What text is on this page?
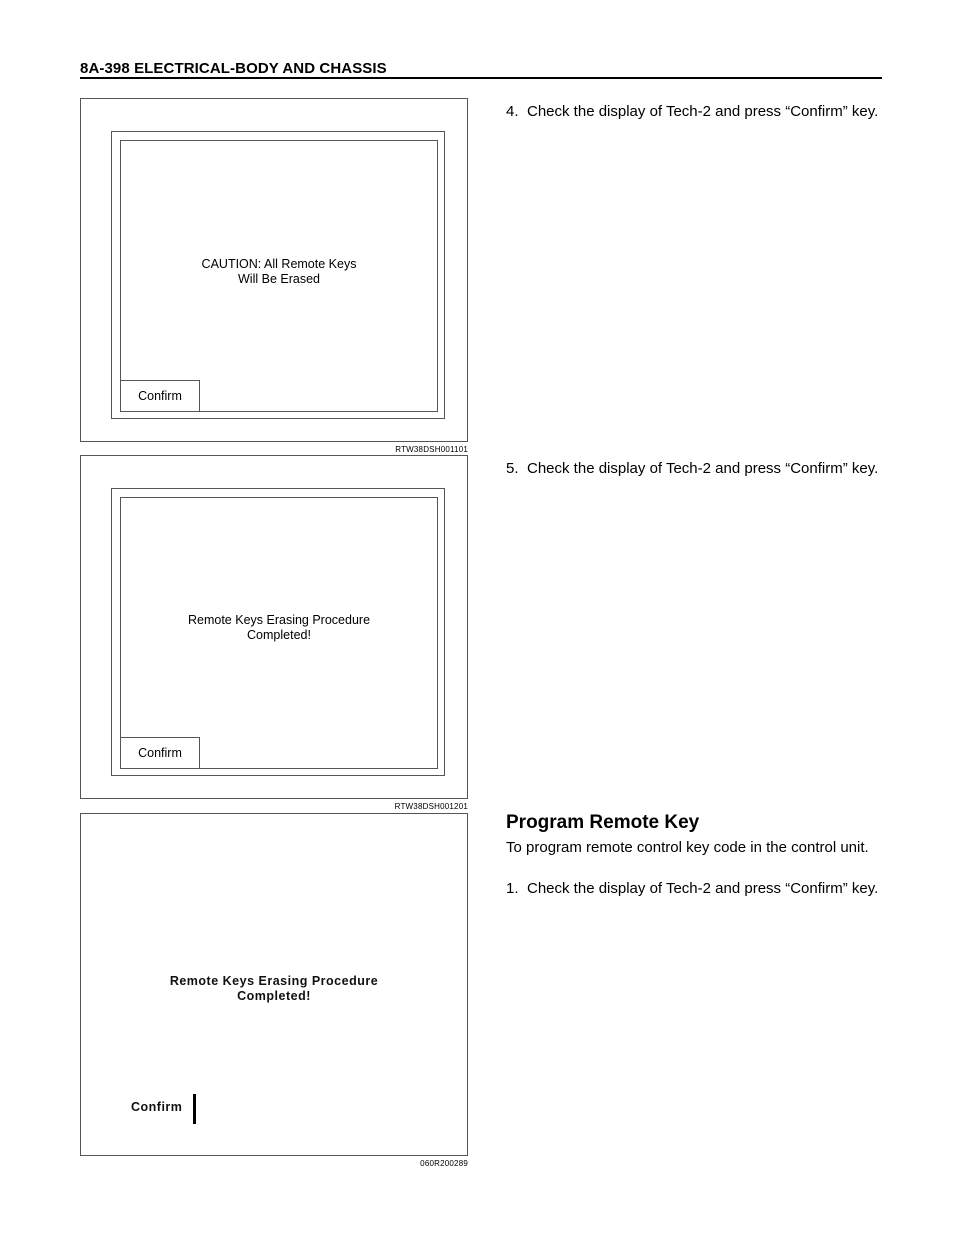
8A-398 ELECTRICAL-BODY AND CHASSIS
CAUTION: All Remote Keys
Will Be Erased
Confirm
RTW38DSH001101
Remote Keys Erasing Procedure
Completed!
Confirm
RTW38DSH001201
Remote Keys Erasing Procedure
Completed!
Confirm
060R200289
4. Check the display of Tech-2 and press “Confirm” key.
5. Check the display of Tech-2 and press “Confirm” key.
Program Remote Key
To program remote control key code in the control unit.
1. Check the display of Tech-2 and press “Confirm” key.
